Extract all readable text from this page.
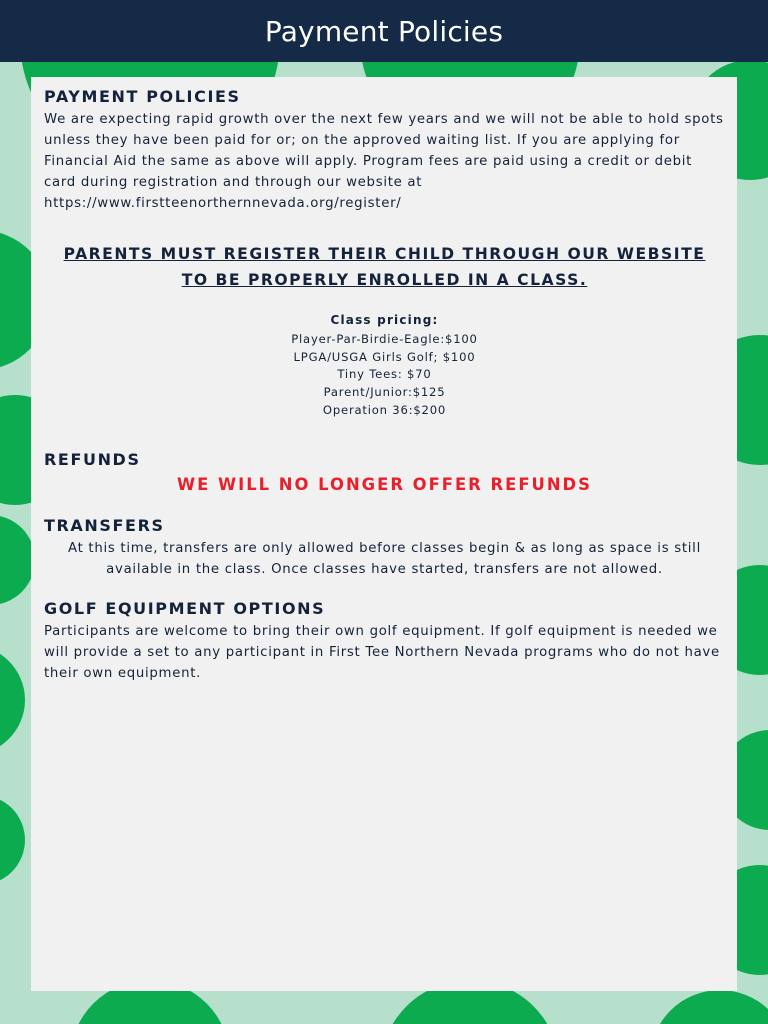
Payment Policies
PAYMENT POLICIES

We are expecting rapid growth over the next few years and we will not be able to hold spots unless they have been paid for or; on the approved waiting list. If you are applying for Financial Aid the same as above will apply. Program fees are paid using a credit or debit card during registration and through our website at https://www.firstteenorthernnevada.org/register/

PARENTS MUST REGISTER THEIR CHILD THROUGH OUR WEBSITE
TO BE PROPERLY ENROLLED IN A CLASS.
Class pricing:
Player-Par-Birdie-Eagle:$100
LPGA/USGA Girls Golf; $100
Tiny Tees: $70
Parent/Junior:$125
Operation 36:$200
REFUNDS

WE WILL NO LONGER OFFER REFUNDS

TRANSFERS

At this time, transfers are only allowed before classes begin & as long as space is still available in the class. Once classes have started, transfers are not allowed.

GOLF EQUIPMENT OPTIONS

Participants are welcome to bring their own golf equipment. If golf equipment is needed we will provide a set to any participant in First Tee Northern Nevada programs who do not have their own equipment.
